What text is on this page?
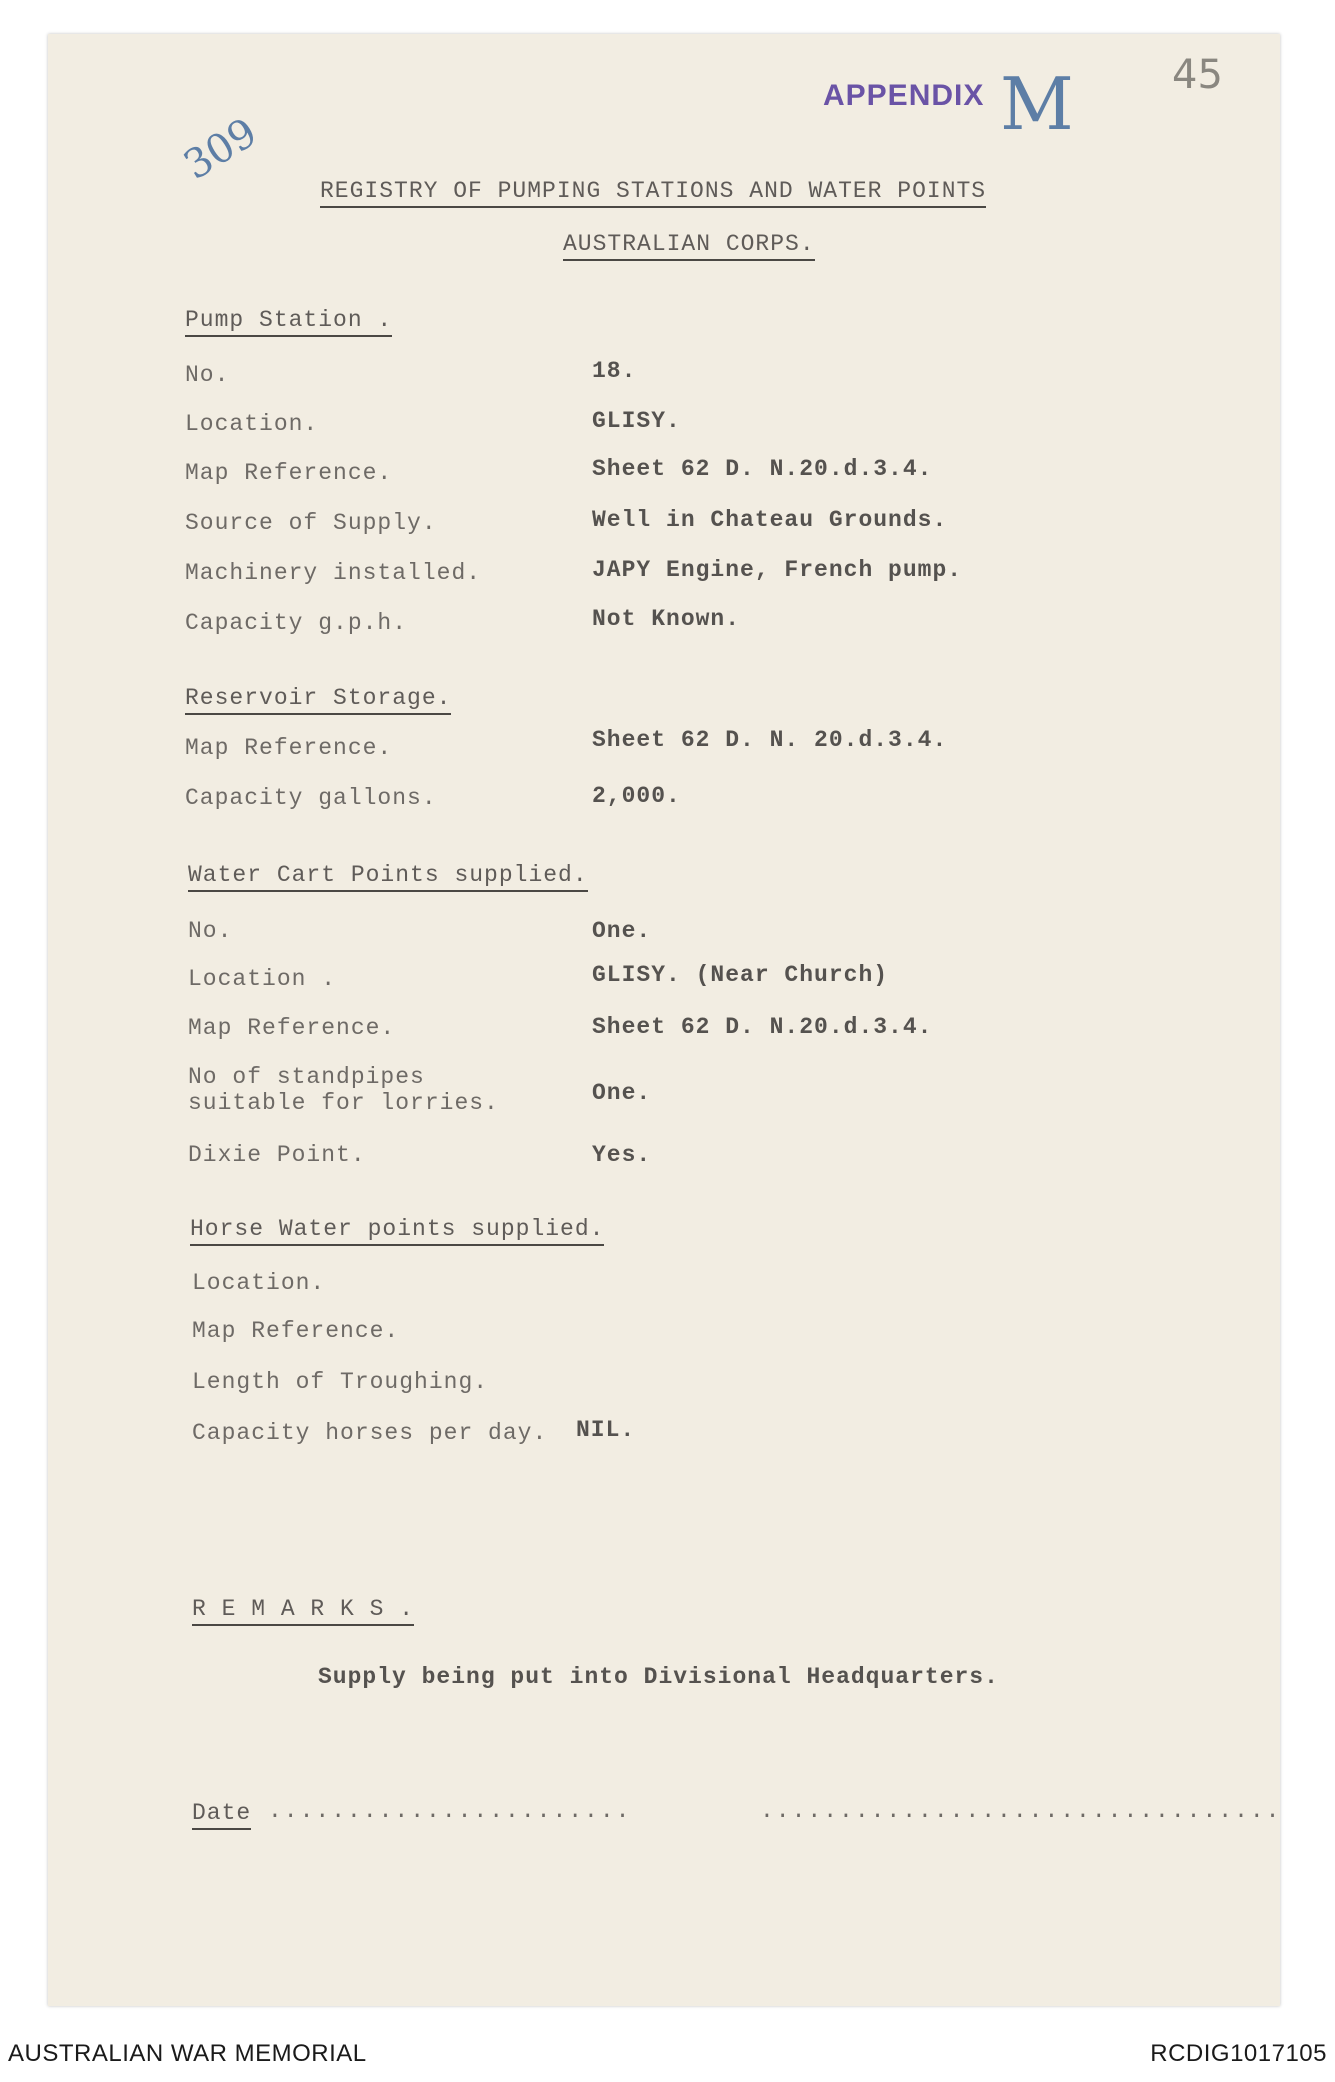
APPENDIX M 45
309
REGISTRY OF PUMPING STATIONS AND WATER POINTS
AUSTRALIAN CORPS.
Pump Station .
No.	18.
Location.	GLISY.
Map Reference.	Sheet 62 D. N.20.d.3.4.
Source of Supply.	Well in Chateau Grounds.
Machinery installed.	JAPY Engine, French pump.
Capacity g.p.h.	Not Known.
Reservoir Storage.
Map Reference.	Sheet 62 D. N. 20.d.3.4.
Capacity gallons.	2,000.
Water Cart Points supplied.
No.	One.
Location .	GLISY. (Near Church)
Map Reference.	Sheet 62 D. N.20.d.3.4.
No of standpipes
suitable for lorries.	One.
Dixie Point.	Yes.
Horse Water points supplied.
Location.
Map Reference.
Length of Troughing.
Capacity horses per day. NIL.
R E M A R K S .
Supply being put into Divisional Headquarters.
Date .......................	.................................
AUSTRALIAN WAR MEMORIAL	RCDIG1017105
